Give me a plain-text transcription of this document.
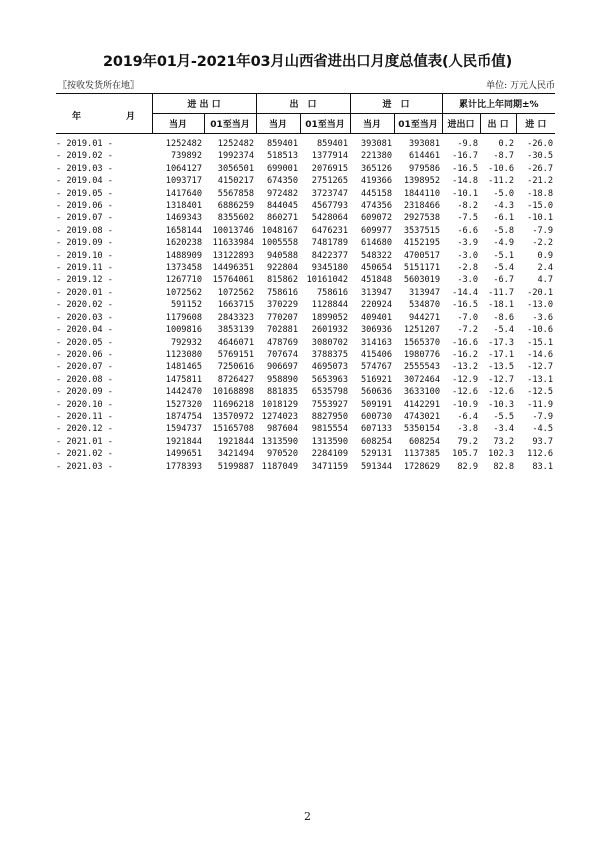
2019年01月-2021年03月山西省进出口月度总值表(人民币值)
〖按收发货所在地〗	单位: 万元人民币
年 月	进 出 口		出　口		进　口		累计比上年同期±%		
	当月	01至当月	当月	01至当月	当月	01至当月	进出口	出 口	进 口
- 2019.01 -	1252482	1252482	859401	859401	393081	393081	-9.8	0.2	-26.0
- 2019.02 -	739892	1992374	518513	1377914	221380	614461	-16.7	-8.7	-30.5
- 2019.03 -	1064127	3056501	699001	2076915	365126	979586	-16.5	-10.6	-26.7
- 2019.04 -	1093717	4150217	674350	2751265	419366	1398952	-14.8	-11.2	-21.2
- 2019.05 -	1417640	5567858	972482	3723747	445158	1844110	-10.1	-5.0	-18.8
- 2019.06 -	1318401	6886259	844045	4567793	474356	2318466	-8.2	-4.3	-15.0
- 2019.07 -	1469343	8355602	860271	5428064	609072	2927538	-7.5	-6.1	-10.1
- 2019.08 -	1658144	10013746	1048167	6476231	609977	3537515	-6.6	-5.8	-7.9
- 2019.09 -	1620238	11633984	1005558	7481789	614680	4152195	-3.9	-4.9	-2.2
- 2019.10 -	1488909	13122893	940588	8422377	548322	4700517	-3.0	-5.1	0.9
- 2019.11 -	1373458	14496351	922804	9345180	450654	5151171	-2.8	-5.4	2.4
- 2019.12 -	1267710	15764061	815862	10161042	451848	5603019	-3.0	-6.7	4.7
- 2020.01 -	1072562	1072562	758616	758616	313947	313947	-14.4	-11.7	-20.1
- 2020.02 -	591152	1663715	370229	1128844	220924	534870	-16.5	-18.1	-13.0
- 2020.03 -	1179608	2843323	770207	1899052	409401	944271	-7.0	-8.6	-3.6
- 2020.04 -	1009816	3853139	702881	2601932	306936	1251207	-7.2	-5.4	-10.6
- 2020.05 -	792932	4646071	478769	3080702	314163	1565370	-16.6	-17.3	-15.1
- 2020.06 -	1123080	5769151	707674	3788375	415406	1980776	-16.2	-17.1	-14.6
- 2020.07 -	1481465	7250616	906697	4695073	574767	2555543	-13.2	-13.5	-12.7
- 2020.08 -	1475811	8726427	958890	5653963	516921	3072464	-12.9	-12.7	-13.1
- 2020.09 -	1442470	10168898	881835	6535798	560636	3633100	-12.6	-12.6	-12.5
- 2020.10 -	1527320	11696218	1018129	7553927	509191	4142291	-10.9	-10.3	-11.9
- 2020.11 -	1874754	13570972	1274023	8827950	600730	4743021	-6.4	-5.5	-7.9
- 2020.12 -	1594737	15165708	987604	9815554	607133	5350154	-3.8	-3.4	-4.5
- 2021.01 -	1921844	1921844	1313590	1313590	608254	608254	79.2	73.2	93.7
- 2021.02 -	1499651	3421494	970520	2284109	529131	1137385	105.7	102.3	112.6
- 2021.03 -	1778393	5199887	1187049	3471159	591344	1728629	82.9	82.8	83.1
2
